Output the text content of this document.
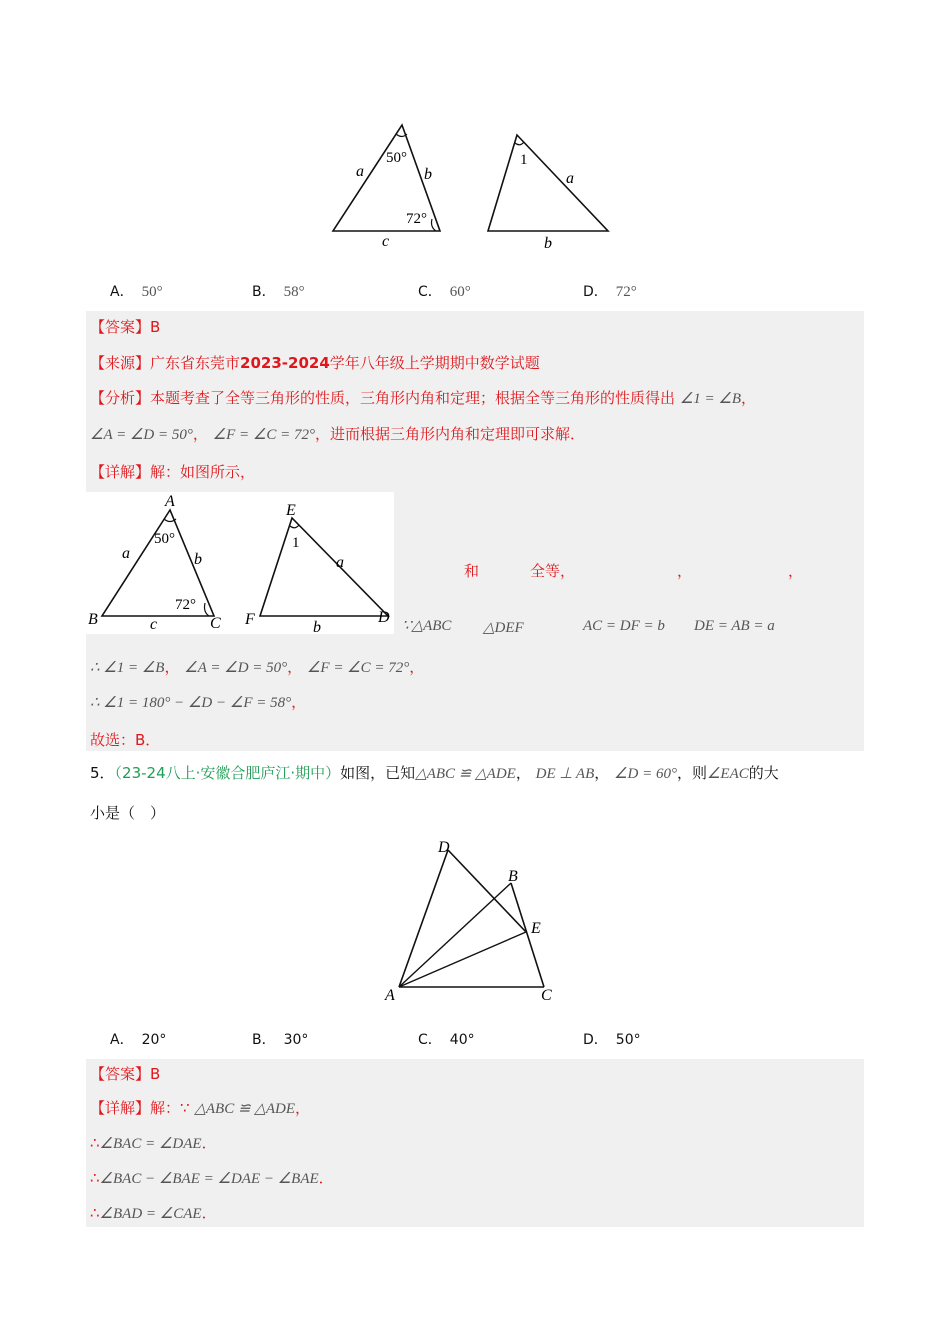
50°
a	b
72°
c
1
a
b
A． 50°	B． 58°	C． 60°	D． 72°
【答案】B
【来源】广东省东莞市2023-2024学年八年级上学期期中数学试题
【分析】本题考查了全等三角形的性质，三角形内角和定理；根据全等三角形的性质得出 ∠1 = ∠B，
∠A = ∠D = 50°， ∠F = ∠C = 72°，进而根据三角形内角和定理即可求解．
【详解】解：如图所示，
A
B	C
a	b
c
50°
72°
E
F	D
1
a
b
和	全等，	，	，
∵△ABC △DEF	AC = DF = b DE = AB = a
∴ ∠1 = ∠B， ∠A = ∠D = 50°， ∠F = ∠C = 72°，
∴ ∠1 = 180° − ∠D − ∠F = 58°，
故选：B．
5．（23-24八上·安徽合肥庐江·期中）如图，已知△ABC ≌ △ADE， DE ⊥ AB， ∠D = 60°，则∠EAC的大
小是（　）
D
B
E
A	C
A． 20°	B． 30°	C． 40°	D． 50°
【答案】B
【详解】解：∵ △ABC ≌ △ADE，
∴∠BAC = ∠DAE．
∴∠BAC − ∠BAE = ∠DAE − ∠BAE．
∴∠BAD = ∠CAE．
